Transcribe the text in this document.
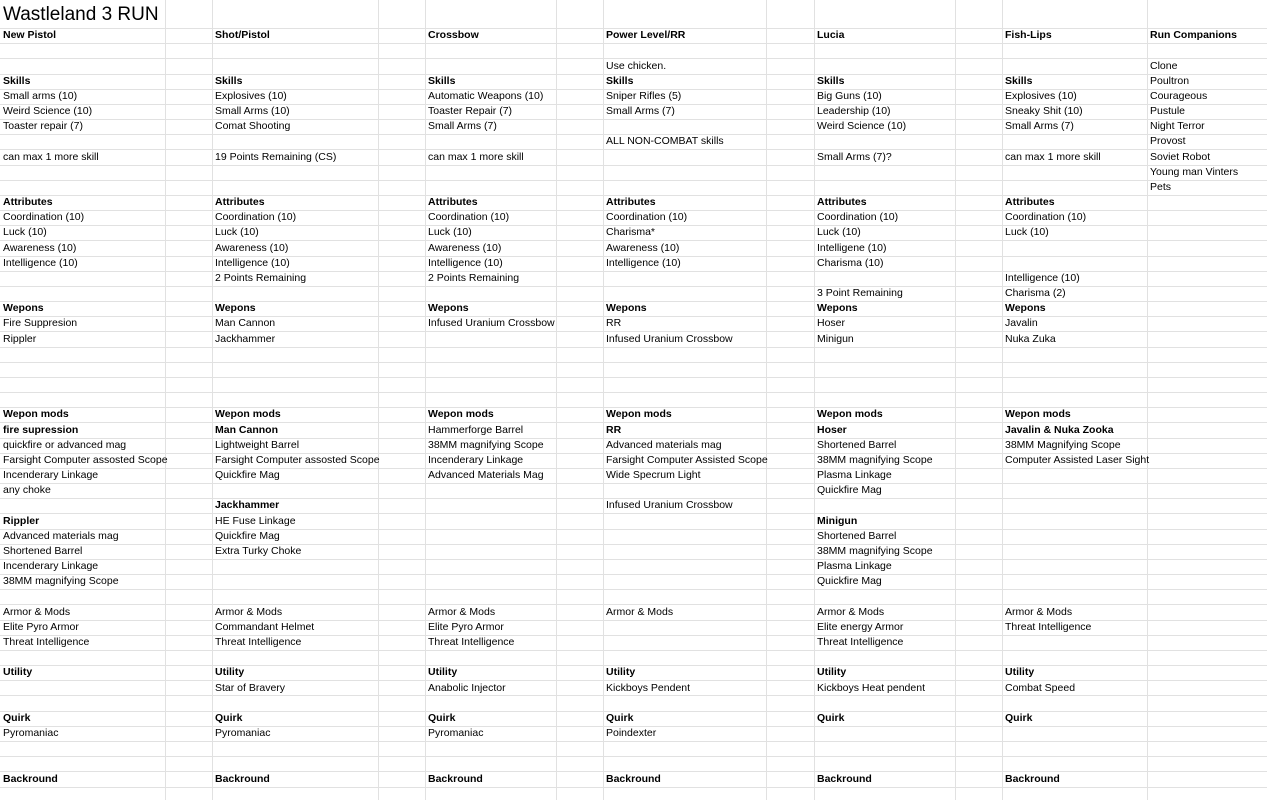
Wastleland 3 RUN
New Pistol
Skills
Small arms (10)
Weird Science (10)
Toaster repair (7)
can max 1 more skill
Attributes
Coordination (10)
Luck (10)
Awareness (10)
Intelligence (10)
Wepons
Fire Suppresion
Rippler
Wepon mods
fire supression
quickfire or advanced mag
Farsight Computer assosted Scope
Incenderary Linkage
any choke
Rippler
Advanced materials mag
Shortened Barrel
Incenderary Linkage
38MM magnifying Scope
Armor & Mods
Elite Pyro Armor
Threat Intelligence
Utility
Quirk
Pyromaniac
Backround
Shot/Pistol
Skills
Explosives (10)
Small Arms (10)
Comat Shooting
19 Points Remaining (CS)
Attributes
Coordination (10)
Luck (10)
Awareness (10)
Intelligence (10)
2 Points Remaining
Wepons
Man Cannon
Jackhammer
Wepon mods
Man Cannon
Lightweight Barrel
Farsight Computer assosted Scope
Quickfire Mag
Jackhammer
HE Fuse Linkage
Quickfire Mag
Extra Turky Choke
Armor & Mods
Commandant Helmet
Threat Intelligence
Utility
Star of Bravery
Quirk
Pyromaniac
Backround
Crossbow
Skills
Automatic Weapons (10)
Toaster Repair (7)
Small Arms (7)
can max 1 more skill
Attributes
Coordination (10)
Luck (10)
Awareness (10)
Intelligence (10)
2 Points Remaining
Wepons
Infused Uranium Crossbow
Wepon mods
Hammerforge Barrel
38MM magnifying Scope
Incenderary Linkage
Advanced Materials Mag
Armor & Mods
Elite Pyro Armor
Threat Intelligence
Utility
Anabolic Injector
Quirk
Pyromaniac
Backround
Power Level/RR
Use chicken.
Skills
Sniper Rifles (5)
Small Arms (7)
ALL NON-COMBAT skills
Attributes
Coordination (10)
Charisma*
Awareness (10)
Intelligence (10)
Wepons
RR
Infused Uranium Crossbow
Wepon mods
RR
Advanced materials mag
Farsight Computer Assisted Scope
Wide Specrum Light
Infused Uranium Crossbow
Armor & Mods
Utility
Kickboys Pendent
Quirk
Poindexter
Backround
Lucia
Skills
Big Guns (10)
Leadership (10)
Weird Science (10)
Small Arms (7)?
Attributes
Coordination (10)
Luck (10)
Intelligene (10)
Charisma (10)
3 Point Remaining
Wepons
Hoser
Minigun
Wepon mods
Hoser
Shortened Barrel
38MM magnifying Scope
Plasma Linkage
Quickfire Mag
Minigun
Shortened Barrel
38MM magnifying Scope
Plasma Linkage
Quickfire Mag
Armor & Mods
Elite energy Armor
Threat Intelligence
Utility
Kickboys Heat pendent
Quirk
Backround
Fish-Lips
Skills
Explosives (10)
Sneaky Shit (10)
Small Arms (7)
can max 1 more skill
Attributes
Coordination (10)
Luck (10)
Intelligence (10)
Charisma (2)
Wepons
Javalin
Nuka Zuka
Wepon mods
Javalin & Nuka Zooka
38MM Magnifying Scope
Computer Assisted Laser Sight
Armor & Mods
Threat Intelligence
Utility
Combat Speed
Quirk
Backround
Run Companions
Clone
Poultron
Courageous
Pustule
Night Terror
Provost
Soviet Robot
Young man Vinters
Pets
